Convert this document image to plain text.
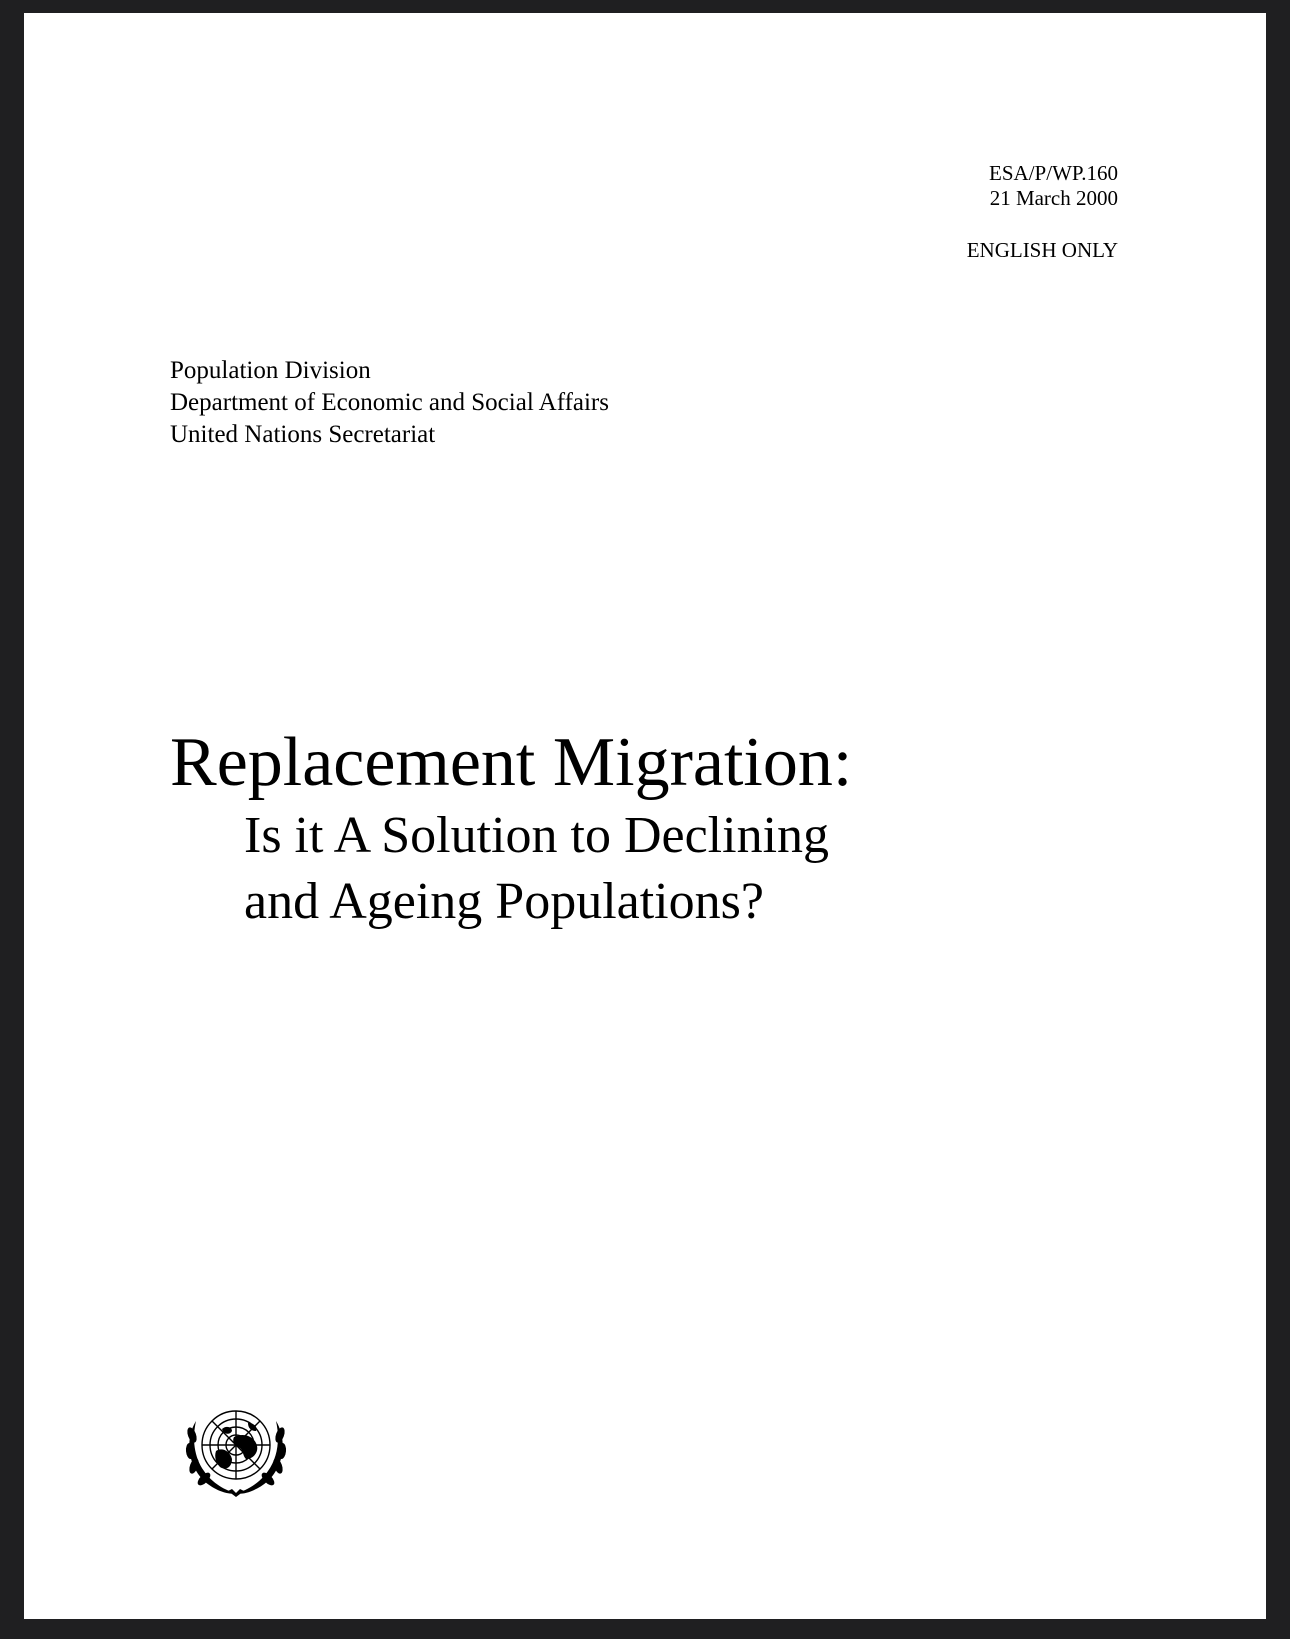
ESA/P/WP.160
21 March 2000
ENGLISH ONLY
Population Division
Department of Economic and Social Affairs
United Nations Secretariat
Replacement Migration:
Is it A Solution to Declining
and Ageing Populations?
